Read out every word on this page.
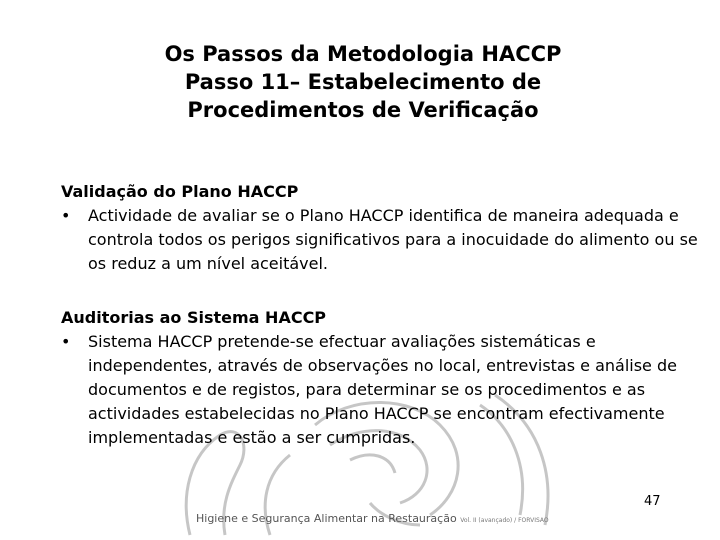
Os Passos da Metodologia HACCP
Passo 11– Estabelecimento de
Procedimentos de Verificação
Validação do Plano HACCP
• Actividade de avaliar se o Plano HACCP identifica de maneira adequada e controla todos os perigos significativos para a inocuidade do alimento ou se os reduz a um nível aceitável.
Auditorias ao Sistema HACCP
• Sistema HACCP pretende-se efectuar avaliações sistemáticas e independentes, através de observações no local, entrevistas e análise de documentos e de registos, para determinar se os procedimentos e as actividades estabelecidas no Plano HACCP se encontram efectivamente implementadas e estão a ser cumpridas.
47
Higiene e Segurança Alimentar na Restauração Vol. II (avançado) / FORVISAO
